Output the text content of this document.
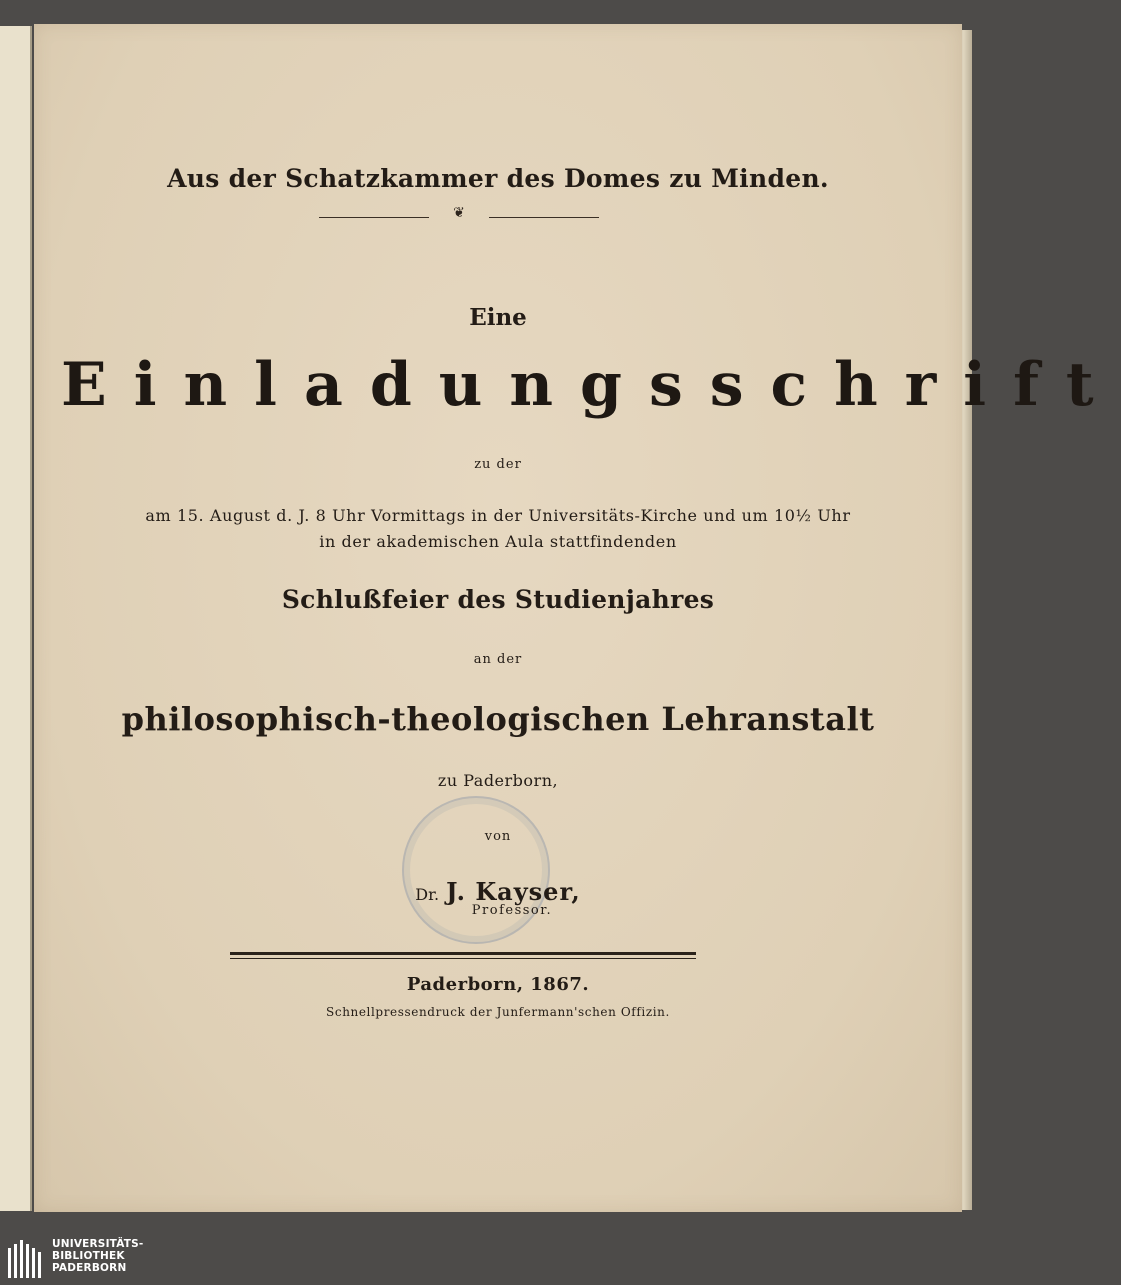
Aus der Schatzkammer des Domes zu Minden.
❦
Eine
Einladungsschrift
zu der
am 15. August d. J. 8 Uhr Vormittags in der Universitäts-Kirche und um 10½ Uhr
in der akademischen Aula stattfindenden
Schlußfeier des Studienjahres
an der
philosophisch-theologischen Lehranstalt
zu Paderborn,
von
Dr. J. Kayser,
Professor.
Paderborn, 1867.
Schnellpressendruck der Junfermann'schen Offizin.
UNIVERSITÄTS-
BIBLIOTHEK
PADERBORN
